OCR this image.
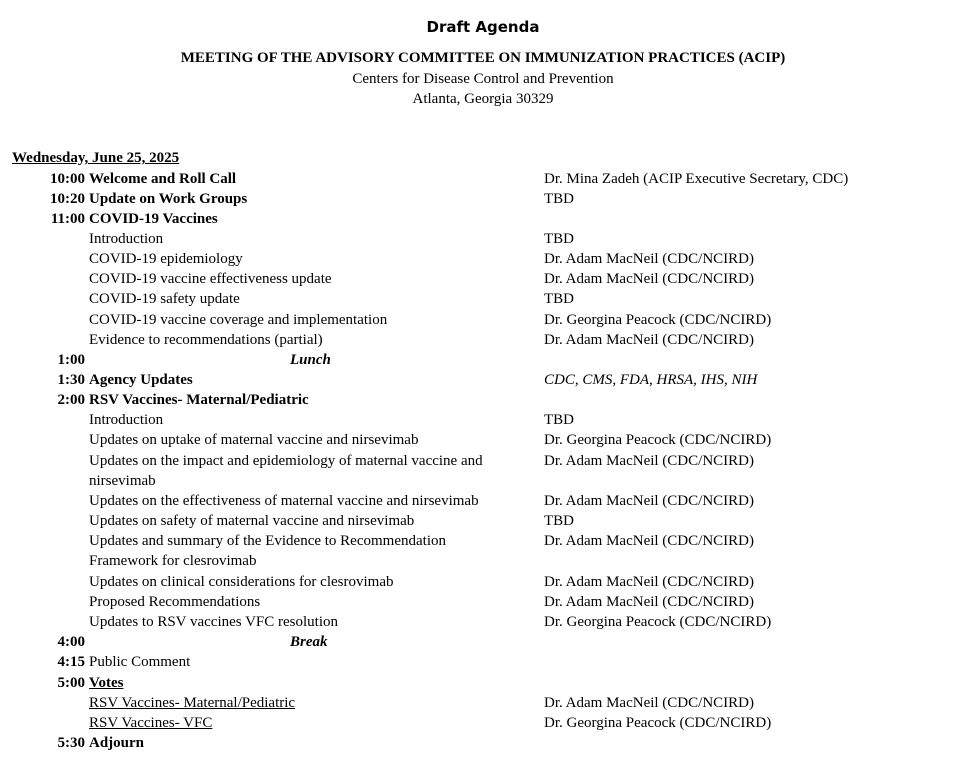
Draft Agenda
MEETING OF THE ADVISORY COMMITTEE ON IMMUNIZATION PRACTICES (ACIP)
Centers for Disease Control and Prevention
Atlanta, Georgia 30329
Wednesday, June 25, 2025
10:00 Welcome and Roll Call	Dr. Mina Zadeh (ACIP Executive Secretary, CDC)
10:20 Update on Work Groups	TBD
11:00 COVID-19 Vaccines
Introduction	TBD
COVID-19 epidemiology	Dr. Adam MacNeil (CDC/NCIRD)
COVID-19 vaccine effectiveness update	Dr. Adam MacNeil (CDC/NCIRD)
COVID-19 safety update	TBD
COVID-19 vaccine coverage and implementation	Dr. Georgina Peacock (CDC/NCIRD)
Evidence to recommendations (partial)	Dr. Adam MacNeil (CDC/NCIRD)
1:00	Lunch
1:30 Agency Updates	CDC, CMS, FDA, HRSA, IHS, NIH
2:00 RSV Vaccines- Maternal/Pediatric
Introduction	TBD
Updates on uptake of maternal vaccine and nirsevimab	Dr. Georgina Peacock (CDC/NCIRD)
Updates on the impact and epidemiology of maternal vaccine and	Dr. Adam MacNeil (CDC/NCIRD)
nirsevimab
Updates on the effectiveness of maternal vaccine and nirsevimab	Dr. Adam MacNeil (CDC/NCIRD)
Updates on safety of maternal vaccine and nirsevimab	TBD
Updates and summary of the Evidence to Recommendation	Dr. Adam MacNeil (CDC/NCIRD)
Framework for clesrovimab
Updates on clinical considerations for clesrovimab	Dr. Adam MacNeil (CDC/NCIRD)
Proposed Recommendations	Dr. Adam MacNeil (CDC/NCIRD)
Updates to RSV vaccines VFC resolution	Dr. Georgina Peacock (CDC/NCIRD)
4:00	Break
4:15 Public Comment
5:00 Votes
RSV Vaccines- Maternal/Pediatric	Dr. Adam MacNeil (CDC/NCIRD)
RSV Vaccines- VFC	Dr. Georgina Peacock (CDC/NCIRD)
5:30 Adjourn
